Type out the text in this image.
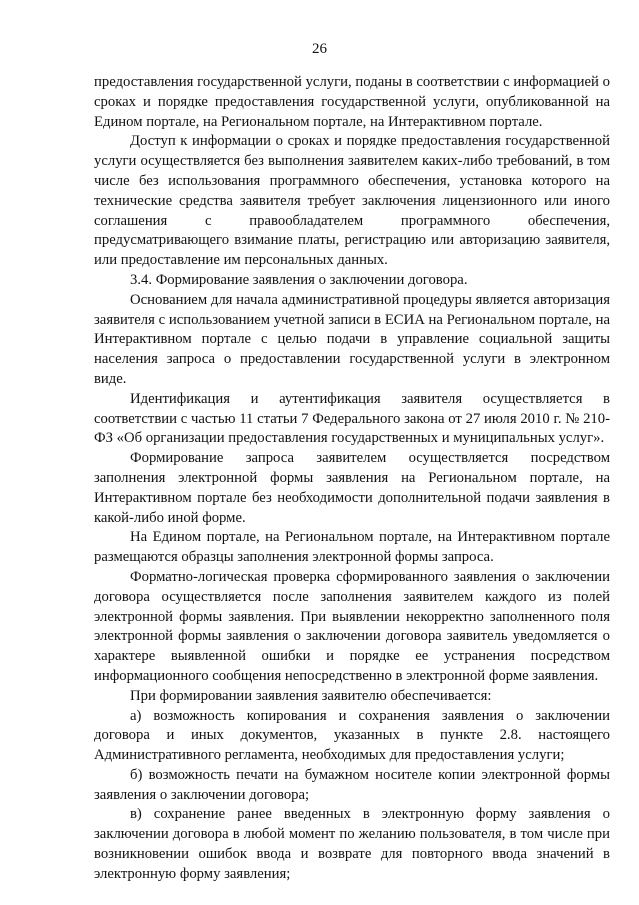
26

предоставления государственной услуги, поданы в соответствии с информацией о сроках и порядке предоставления государственной услуги, опубликованной на Едином портале, на Региональном портале, на Интерактивном портале.

Доступ к информации о сроках и порядке предоставления государственной услуги осуществляется без выполнения заявителем каких-либо требований, в том числе без использования программного обеспечения, установка которого на технические средства заявителя требует заключения лицензионного или иного соглашения с правообладателем программного обеспечения, предусматривающего взимание платы, регистрацию или авторизацию заявителя, или предоставление им персональных данных.

3.4. Формирование заявления о заключении договора.

Основанием для начала административной процедуры является авторизация заявителя с использованием учетной записи в ЕСИА на Региональном портале, на Интерактивном портале с целью подачи в управление социальной защиты населения запроса о предоставлении государственной услуги в электронном виде.

Идентификация и аутентификация заявителя осуществляется в соответствии с частью 11 статьи 7 Федерального закона от 27 июля 2010 г. № 210-ФЗ «Об организации предоставления государственных и муниципальных услуг».

Формирование запроса заявителем осуществляется посредством заполнения электронной формы заявления на Региональном портале, на Интерактивном портале без необходимости дополнительной подачи заявления в какой-либо иной форме.

На Едином портале, на Региональном портале, на Интерактивном портале размещаются образцы заполнения электронной формы запроса.

Форматно-логическая проверка сформированного заявления о заключении договора осуществляется после заполнения заявителем каждого из полей электронной формы заявления. При выявлении некорректно заполненного поля электронной формы заявления о заключении договора заявитель уведомляется о характере выявленной ошибки и порядке ее устранения посредством информационного сообщения непосредственно в электронной форме заявления.

При формировании заявления заявителю обеспечивается:

а) возможность копирования и сохранения заявления о заключении договора и иных документов, указанных в пункте 2.8. настоящего Административного регламента, необходимых для предоставления услуги;

б) возможность печати на бумажном носителе копии электронной формы заявления о заключении договора;

в) сохранение ранее введенных в электронную форму заявления о заключении договора в любой момент по желанию пользователя, в том числе при возникновении ошибок ввода и возврате для повторного ввода значений в электронную форму заявления;
